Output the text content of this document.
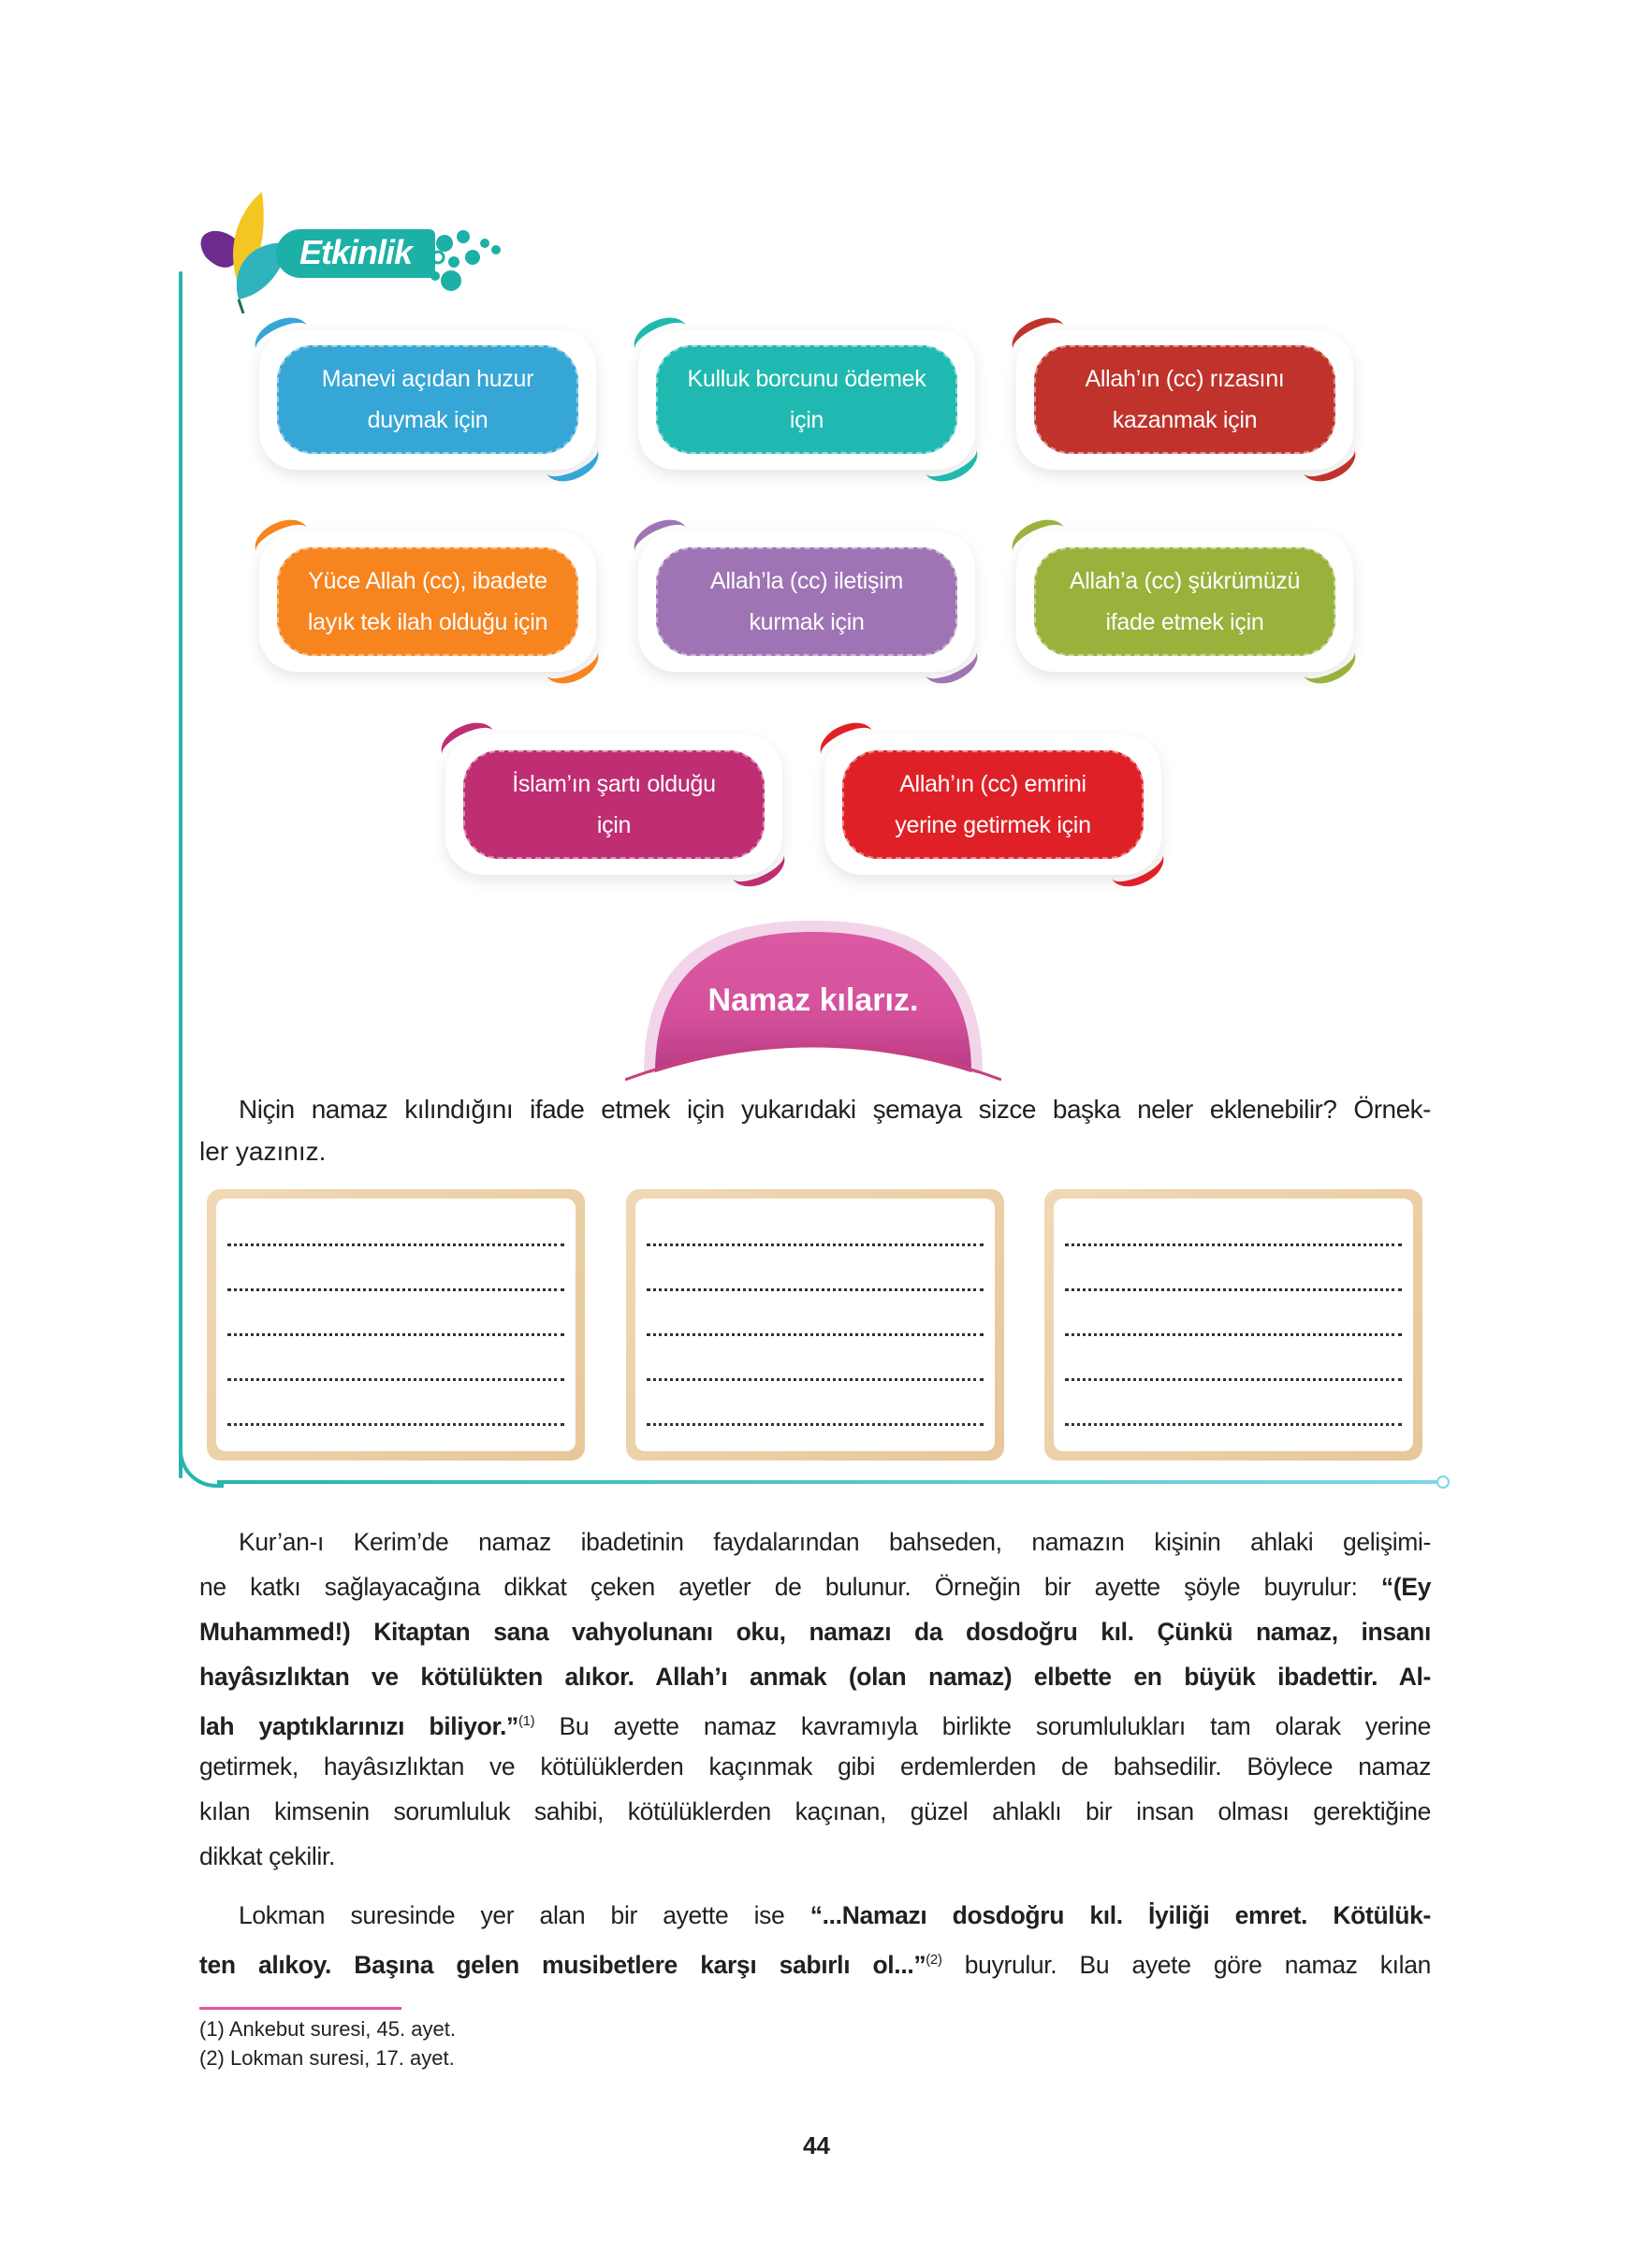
Etkinlik
Manevi açıdan huzur
duymak için
Kulluk borcunu ödemek
için
Allah’ın (cc) rızasını
kazanmak için
Yüce Allah (cc), ibadete
layık tek ilah olduğu için
Allah’la (cc) iletişim
kurmak için
Allah’a (cc) şükrümüzü
ifade etmek için
İslam’ın şartı olduğu
için
Allah’ın (cc) emrini
yerine getirmek için
Namaz kılarız.
Niçin namaz kılındığını ifade etmek için yukarıdaki şemaya sizce başka neler eklenebilir? Örnek-
ler yazınız.
Kur’an-ı Kerim’de namaz ibadetinin faydalarından bahseden, namazın kişinin ahlaki gelişimi-
ne katkı sağlayacağına dikkat çeken ayetler de bulunur. Örneğin bir ayette şöyle buyrulur: “(Ey
Muhammed!) Kitaptan sana vahyolunanı oku, namazı da dosdoğru kıl. Çünkü namaz, insanı
hayâsızlıktan ve kötülükten alıkor. Allah’ı anmak (olan namaz) elbette en büyük ibadettir. Al-
lah yaptıklarınızı biliyor.”$^{(1)}$ Bu ayette namaz kavramıyla birlikte sorumlulukları tam olarak yerine
getirmek, hayâsızlıktan ve kötülüklerden kaçınmak gibi erdemlerden de bahsedilir. Böylece namaz
kılan kimsenin sorumluluk sahibi, kötülüklerden kaçınan, güzel ahlaklı bir insan olması gerektiğine
dikkat çekilir.
Lokman suresinde yer alan bir ayette ise “...Namazı dosdoğru kıl. İyiliği emret. Kötülük-
ten alıkoy. Başına gelen musibetlere karşı sabırlı ol...”$^{(2)}$ buyrulur. Bu ayete göre namaz kılan
(1) Ankebut suresi, 45. ayet.
(2) Lokman suresi, 17. ayet.
44
